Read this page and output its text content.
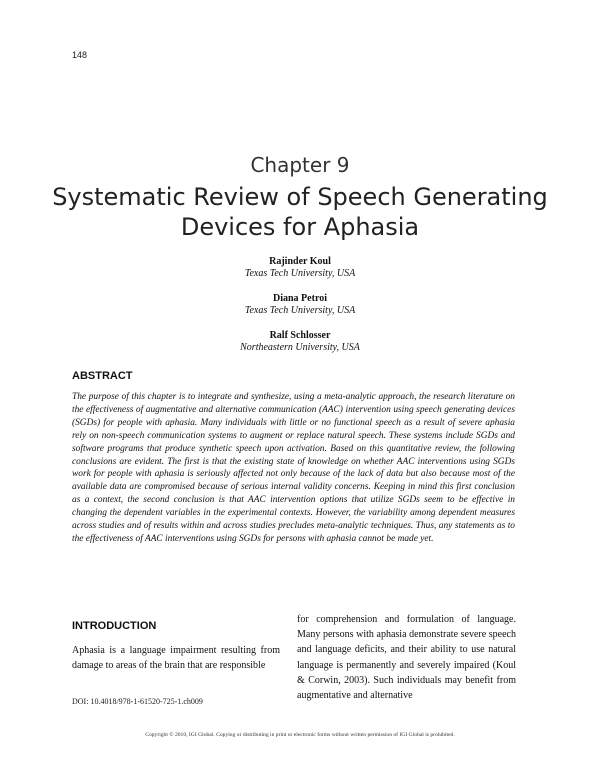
148
Chapter 9
Systematic Review of Speech Generating Devices for Aphasia
Rajinder Koul
Texas Tech University, USA
Diana Petroi
Texas Tech University, USA
Ralf Schlosser
Northeastern University, USA
ABSTRACT

The purpose of this chapter is to integrate and synthesize, using a meta-analytic approach, the research literature on the effectiveness of augmentative and alternative communication (AAC) intervention using speech generating devices (SGDs) for people with aphasia. Many individuals with little or no functional speech as a result of severe aphasia rely on non-speech communication systems to augment or replace natural speech. These systems include SGDs and software programs that produce synthetic speech upon activation. Based on this quantitative review, the following conclusions are evident. The first is that the existing state of knowledge on whether AAC interventions using SGDs work for people with aphasia is seriously affected not only because of the lack of data but also because most of the available data are compromised because of serious internal validity concerns. Keeping in mind this first conclusion as a context, the second conclusion is that AAC intervention options that utilize SGDs seem to be effective in changing the dependent variables in the experimental contexts. However, the variability among dependent measures across studies and of results within and across studies precludes meta-analytic techniques. Thus, any statements as to the effectiveness of AAC interventions using SGDs for persons with aphasia cannot be made yet.

INTRODUCTION

Aphasia is a language impairment resulting from damage to areas of the brain that are responsible

for comprehension and formulation of language. Many persons with aphasia demonstrate severe speech and language deficits, and their ability to use natural language is permanently and severely impaired (Koul & Corwin, 2003). Such individuals may benefit from augmentative and alternative

DOI: 10.4018/978-1-61520-725-1.ch009
Copyright © 2010, IGI Global. Copying or distributing in print or electronic forms without written permission of IGI Global is prohibited.
